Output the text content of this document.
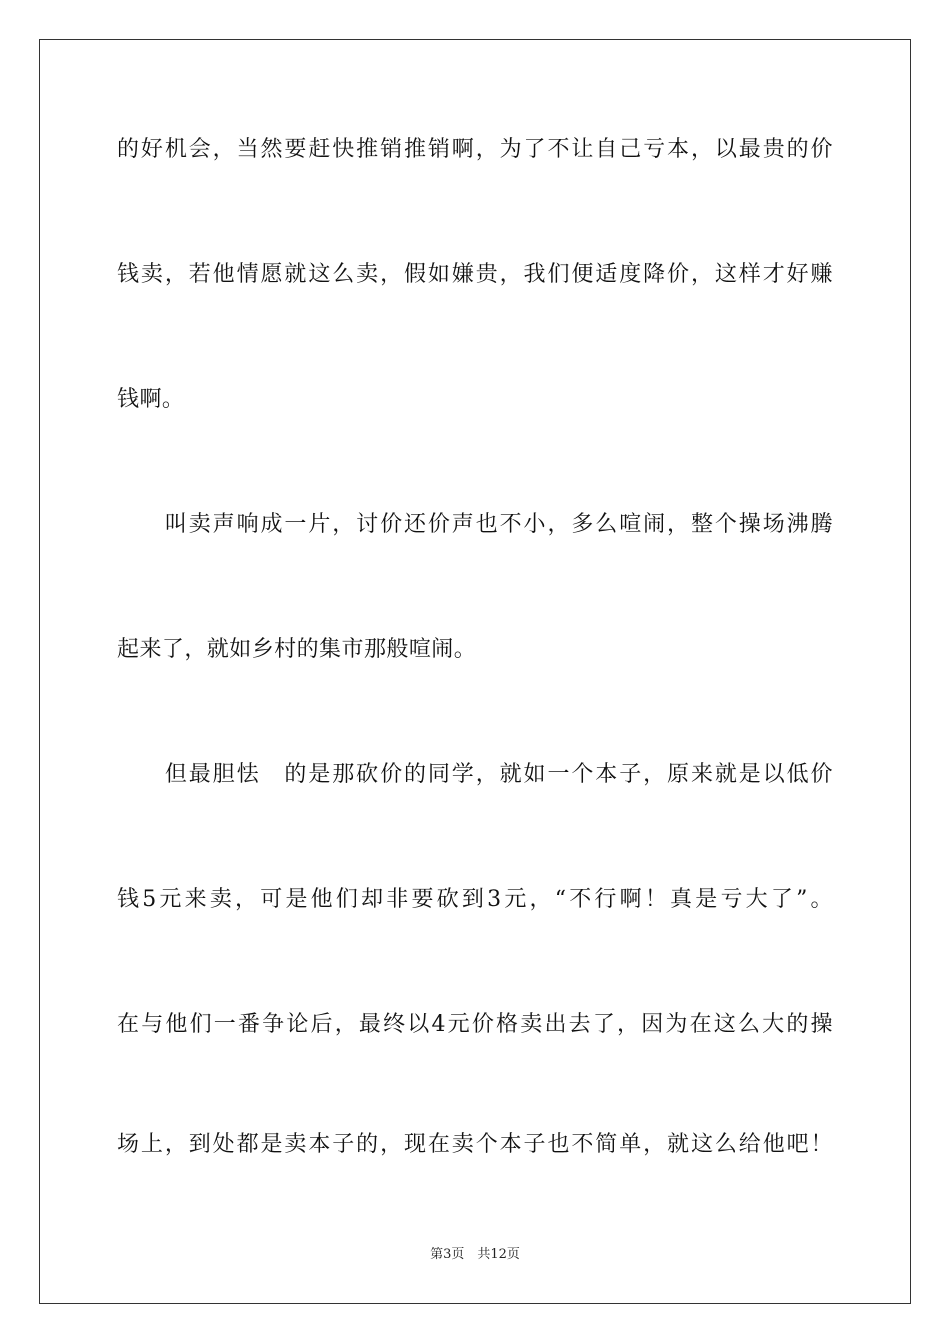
的好机会，当然要赶快推销推销啊，为了不让自己亏本，以最贵的价
钱卖，若他情愿就这么卖，假如嫌贵，我们便适度降价，这样才好赚
钱啊。
　　叫卖声响成一片，讨价还价声也不小，多么喧闹，整个操场沸腾
起来了，就如乡村的集市那般喧闹。
　　但最胆怯　的是那砍价的同学，就如一个本子，原来就是以低价
钱5元来卖，可是他们却非要砍到3元，“不行啊！真是亏大了”。
在与他们一番争论后，最终以4元价格卖出去了，因为在这么大的操
场上，到处都是卖本子的，现在卖个本子也不简单，就这么给他吧！
第3页　共12页
